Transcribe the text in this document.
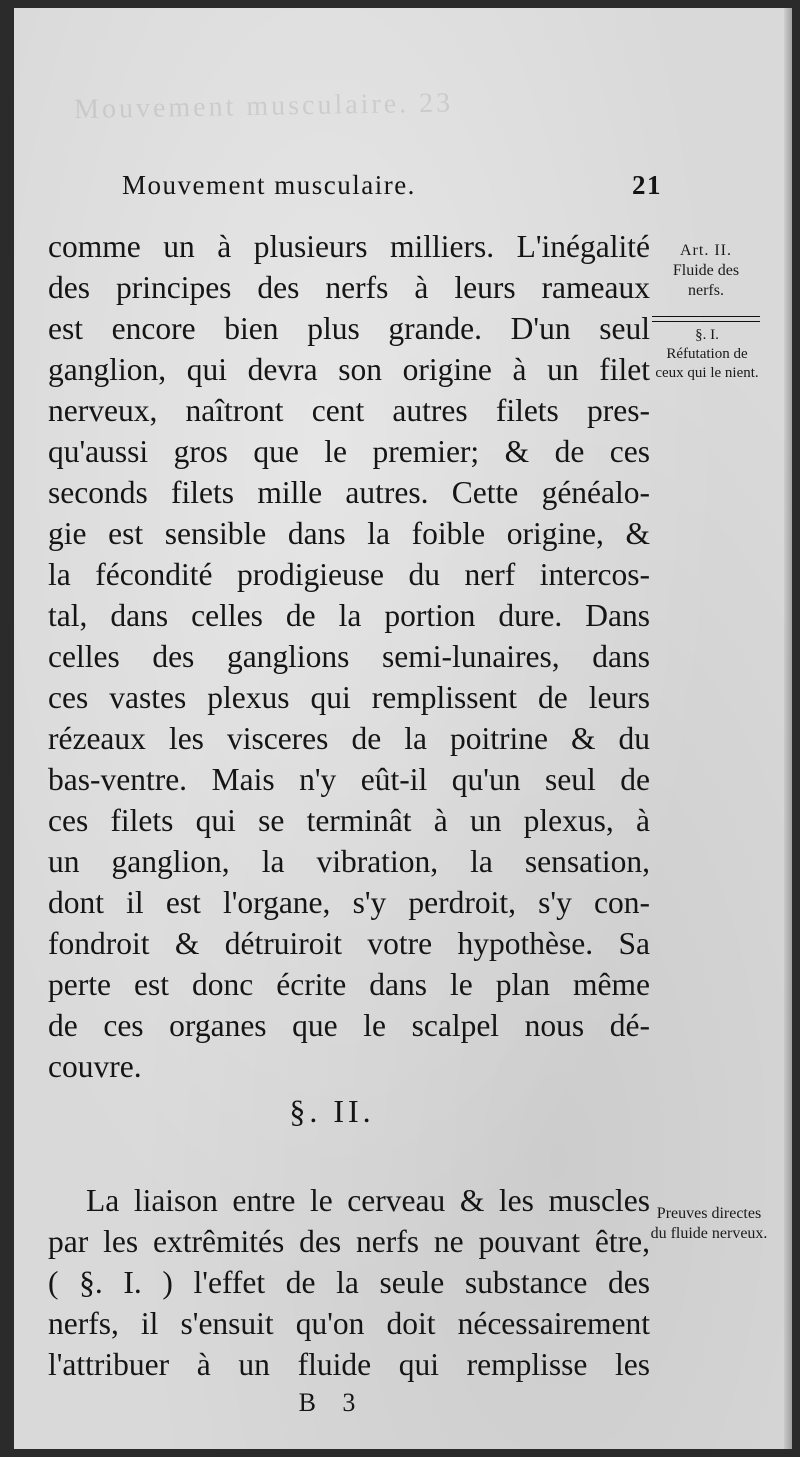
Mouvement musculaire. 23
Mouvement musculaire.	21
comme un à plusieurs milliers. L'inégalité
des principes des nerfs à leurs rameaux
est encore bien plus grande. D'un seul
ganglion, qui devra son origine à un filet
nerveux, naîtront cent autres filets pres-
qu'aussi gros que le premier; & de ces
seconds filets mille autres. Cette généalo-
gie est sensible dans la foible origine, &
la fécondité prodigieuse du nerf intercos-
tal, dans celles de la portion dure. Dans
celles des ganglions semi-lunaires, dans
ces vastes plexus qui remplissent de leurs
rézeaux les visceres de la poitrine & du
bas-ventre. Mais n'y eût-il qu'un seul de
ces filets qui se terminât à un plexus, à
un ganglion, la vibration, la sensation,
dont il est l'organe, s'y perdroit, s'y con-
fondroit & détruiroit votre hypothèse. Sa
perte est donc écrite dans le plan même
de ces organes que le scalpel nous dé-
couvre.
§. II.
La liaison entre le cerveau & les muscles
par les extrêmités des nerfs ne pouvant être,
( §. I. ) l'effet de la seule substance des
nerfs, il s'ensuit qu'on doit nécessairement
l'attribuer à un fluide qui remplisse les
Art. II.
Fluide des nerfs.
§. I.
Réfutation de ceux qui le nient.
Preuves directes du fluide nerveux.
B 3
